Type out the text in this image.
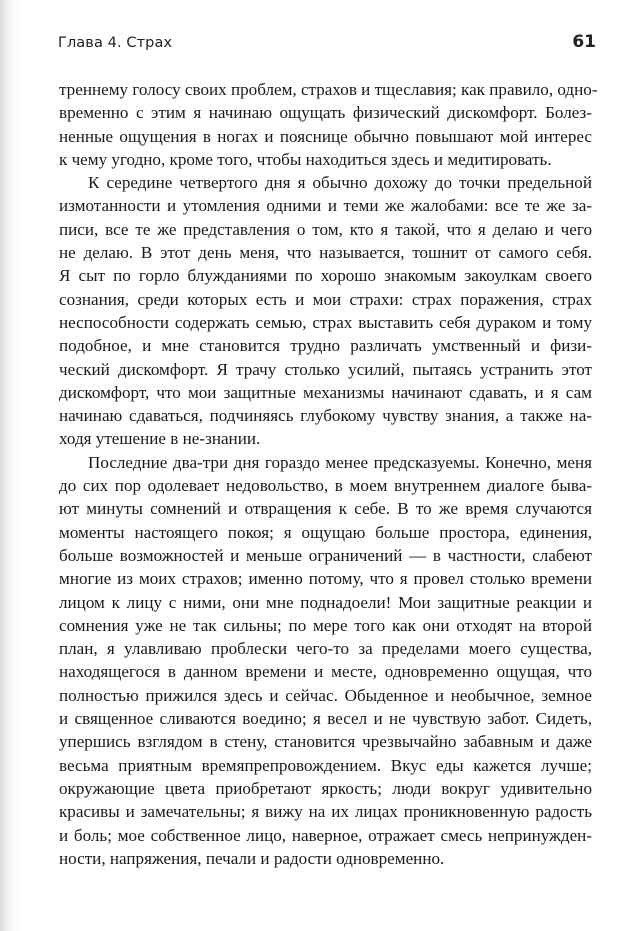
Глава 4. Страх	61
треннему голосу своих проблем, страхов и тщеславия; как правило, одно-
временно с этим я начинаю ощущать физический дискомфорт. Болез-
ненные ощущения в ногах и пояснице обычно повышают мой интерес
к чему угодно, кроме того, чтобы находиться здесь и медитировать.
К середине четвертого дня я обычно дохожу до точки предельной
измотанности и утомления одними и теми же жалобами: все те же за-
писи, все те же представления о том, кто я такой, что я делаю и чего
не делаю. В этот день меня, что называется, тошнит от самого себя.
Я сыт по горло блужданиями по хорошо знакомым закоулкам своего
сознания, среди которых есть и мои страхи: страх поражения, страх
неспособности содержать семью, страх выставить себя дураком и тому
подобное, и мне становится трудно различать умственный и физи-
ческий дискомфорт. Я трачу столько усилий, пытаясь устранить этот
дискомфорт, что мои защитные механизмы начинают сдавать, и я сам
начинаю сдаваться, подчиняясь глубокому чувству знания, а также на-
ходя утешение в не-знании.
Последние два-три дня гораздо менее предсказуемы. Конечно, меня
до сих пор одолевает недовольство, в моем внутреннем диалоге быва-
ют минуты сомнений и отвращения к себе. В то же время случаются
моменты настоящего покоя; я ощущаю больше простора, единения,
больше возможностей и меньше ограничений — в частности, слабеют
многие из моих страхов; именно потому, что я провел столько времени
лицом к лицу с ними, они мне поднадоели! Мои защитные реакции и
сомнения уже не так сильны; по мере того как они отходят на второй
план, я улавливаю проблески чего-то за пределами моего существа,
находящегося в данном времени и месте, одновременно ощущая, что
полностью прижился здесь и сейчас. Обыденное и необычное, земное
и священное сливаются воедино; я весел и не чувствую забот. Сидеть,
упершись взглядом в стену, становится чрезвычайно забавным и даже
весьма приятным времяпрепровождением. Вкус еды кажется лучше;
окружающие цвета приобретают яркость; люди вокруг удивительно
красивы и замечательны; я вижу на их лицах проникновенную радость
и боль; мое собственное лицо, наверное, отражает смесь непринужден-
ности, напряжения, печали и радости одновременно.
